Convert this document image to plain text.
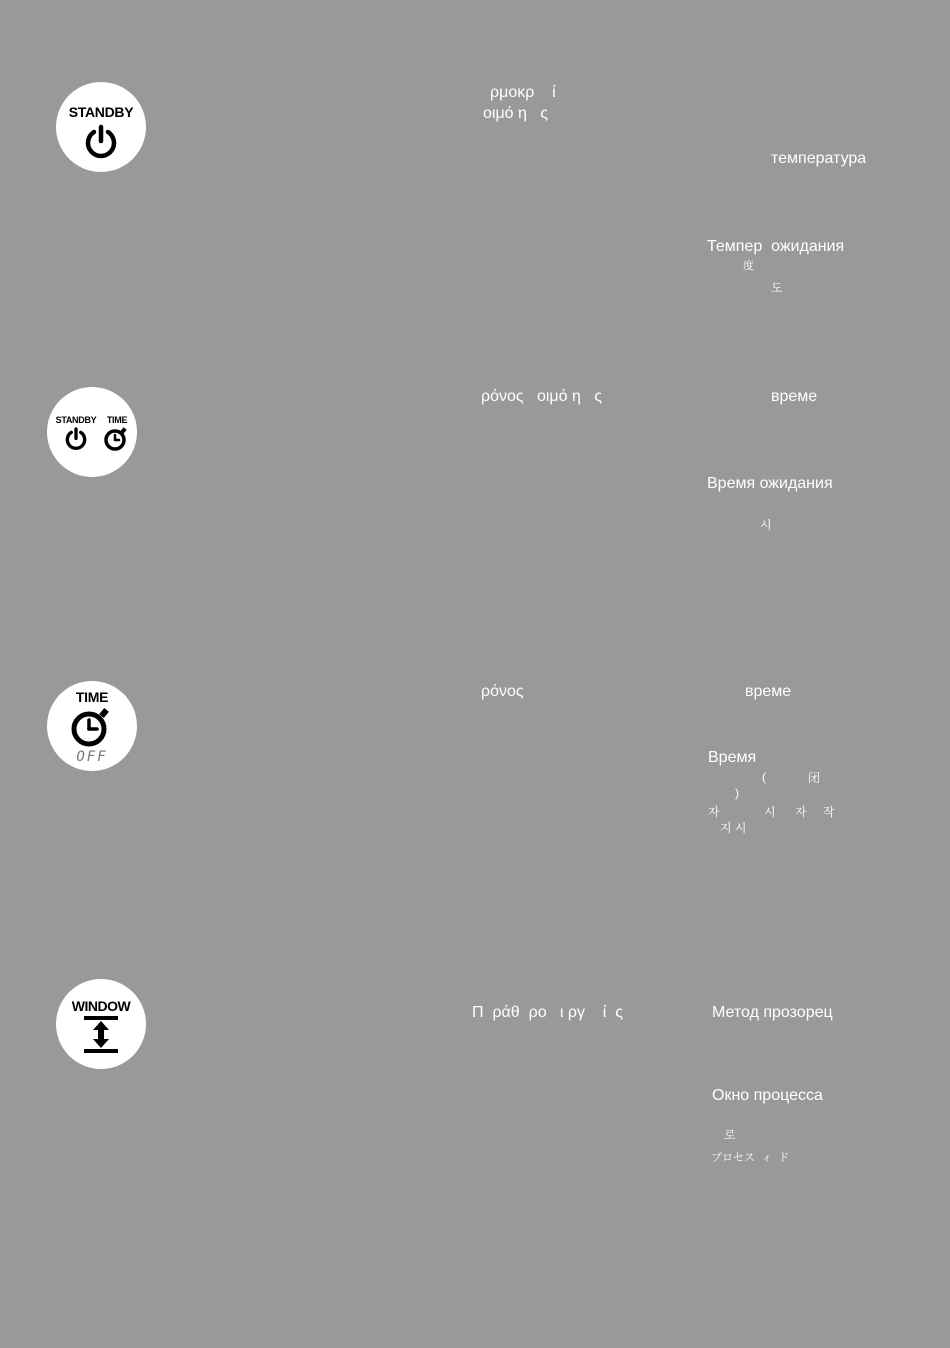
STANDBY
ρμοκρ    ί
οιμό η   ς
температура
Темпер  ожидания
度
도
STANDBY	TIME
ρόνος   οιμό η   ς	време
Время ожидания
시
TIME
OFF
ρόνος	време
Время
(	闭
)
자	시 자 작
지 시
WINDOW	Π  ράθ  ρο   ι ργ    ί  ς	Метод прозорец
Окно процесса
로
プロセス  ィ  ド
